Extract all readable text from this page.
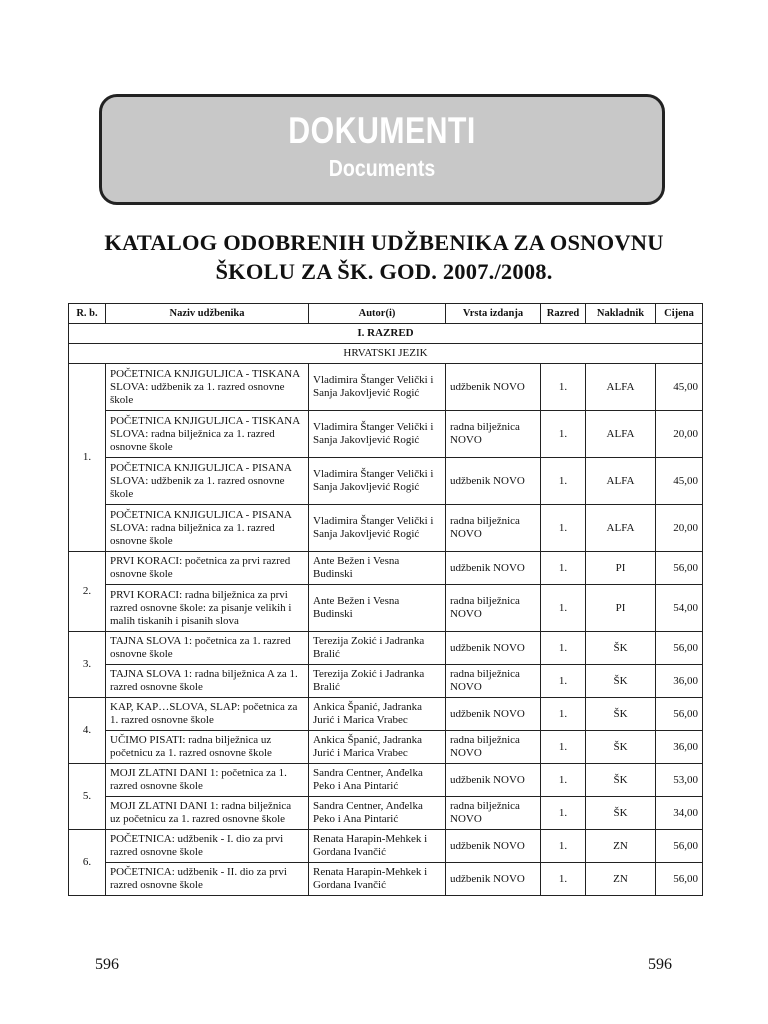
DOKUMENTI
Documents
KATALOG ODOBRENIH UDŽBENIKA ZA OSNOVNU
ŠKOLU ZA ŠK. GOD. 2007./2008.
R. b.	Naziv udžbenika	Autor(i)	Vrsta izdanja	Razred	Nakladnik	Cijena
I. RAZRED						
HRVATSKI JEZIK						
1.	POČETNICA KNJIGULJICA - TISKANA SLOVA: udžbenik za 1. razred osnovne škole	Vladimira Štanger Velički i Sanja Jakovljević Rogić	udžbenik NOVO	1.	ALFA	45,00
	POČETNICA KNJIGULJICA - TISKANA SLOVA: radna bilježnica za 1. razred osnovne škole	Vladimira Štanger Velički i Sanja Jakovljević Rogić	radna bilježnica NOVO	1.	ALFA	20,00
	POČETNICA KNJIGULJICA - PISANA SLOVA: udžbenik za 1. razred osnovne škole	Vladimira Štanger Velički i Sanja Jakovljević Rogić	udžbenik NOVO	1.	ALFA	45,00
	POČETNICA KNJIGULJICA - PISANA SLOVA: radna bilježnica za 1. razred osnovne škole	Vladimira Štanger Velički i Sanja Jakovljević Rogić	radna bilježnica NOVO	1.	ALFA	20,00
2.	PRVI KORACI: početnica za prvi razred osnovne škole	Ante Bežen i Vesna Budinski	udžbenik NOVO	1.	PI	56,00
	PRVI KORACI: radna bilježnica za prvi razred osnovne škole: za pisanje velikih i malih tiskanih i pisanih slova	Ante Bežen i Vesna Budinski	radna bilježnica NOVO	1.	PI	54,00
3.	TAJNA SLOVA 1: početnica za 1. razred osnovne škole	Terezija Zokić i Jadranka Bralić	udžbenik NOVO	1.	ŠK	56,00
	TAJNA SLOVA 1: radna bilježnica A za 1. razred osnovne škole	Terezija Zokić i Jadranka Bralić	radna bilježnica NOVO	1.	ŠK	36,00
4.	KAP, KAP…SLOVA, SLAP: početnica za 1. razred osnovne škole	Ankica Španić, Jadranka Jurić i Marica Vrabec	udžbenik NOVO	1.	ŠK	56,00
	UČIMO PISATI: radna bilježnica uz početnicu za 1. razred osnovne škole	Ankica Španić, Jadranka Jurić i Marica Vrabec	radna bilježnica NOVO	1.	ŠK	36,00
5.	MOJI ZLATNI DANI 1: početnica za 1. razred osnovne škole	Sandra Centner, Anđelka Peko i Ana Pintarić	udžbenik NOVO	1.	ŠK	53,00
	MOJI ZLATNI DANI 1: radna bilježnica uz početnicu za 1. razred osnovne škole	Sandra Centner, Anđelka Peko i Ana Pintarić	radna bilježnica NOVO	1.	ŠK	34,00
6.	POČETNICA: udžbenik - I. dio za prvi razred osnovne škole	Renata Harapin-Mehkek i Gordana Ivančić	udžbenik NOVO	1.	ZN	56,00
	POČETNICA: udžbenik - II. dio za prvi razred osnovne škole	Renata Harapin-Mehkek i Gordana Ivančić	udžbenik NOVO	1.	ZN	56,00
596	596
